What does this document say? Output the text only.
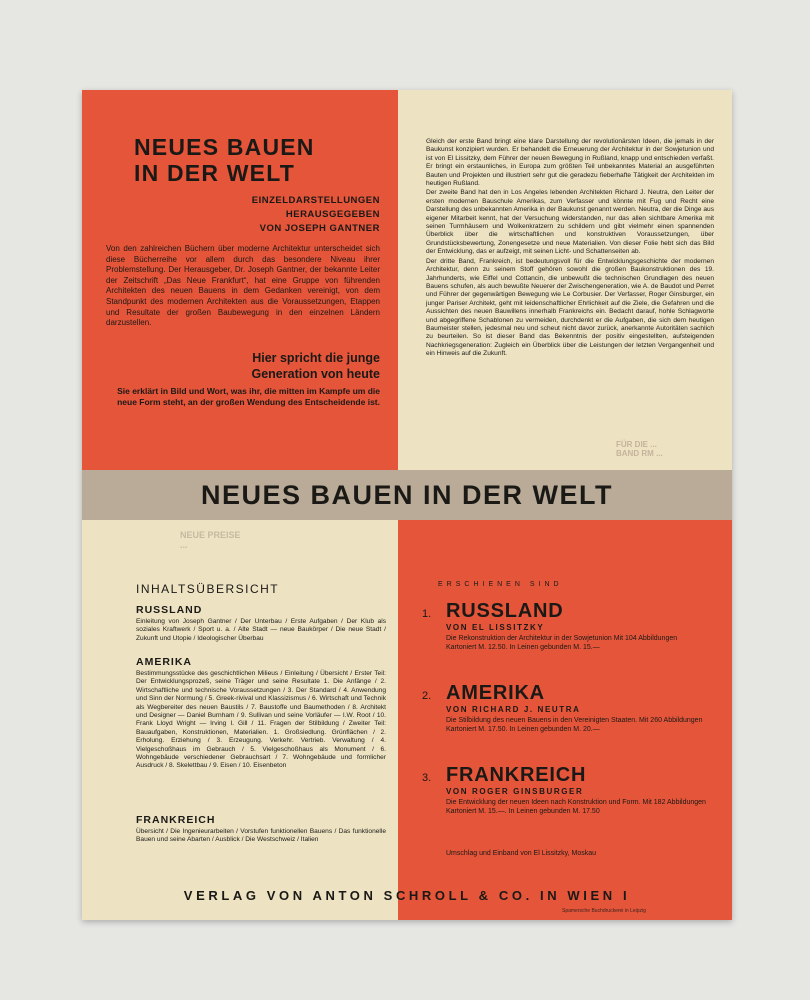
NEUES BAUEN
IN DER WELT
EINZELDARSTELLUNGEN
HERAUSGEGEBEN
VON JOSEPH GANTNER
Von den zahlreichen Büchern über moderne Architektur unterscheidet sich diese Bücherreihe vor allem durch das besondere Niveau ihrer Problemstellung. Der Herausgeber, Dr. Joseph Gantner, der bekannte Leiter der Zeitschrift „Das Neue Frankfurt“, hat eine Gruppe von führenden Architekten des neuen Bauens in dem Gedanken vereinigt, von dem Standpunkt des modernen Architekten aus die Voraussetzungen, Etappen und Resultate der großen Baubewegung in den einzelnen Ländern darzustellen.
Hier spricht die junge
Generation von heute
Sie erklärt in Bild und Wort, was ihr, die mitten im Kampfe um die neue Form steht, an der großen Wendung des Entscheidende ist.

Gleich der erste Band bringt eine klare Darstellung der revolutionärsten Ideen, die jemals in der Baukunst konzipiert wurden. Er behandelt die Erneuerung der Architektur in der Sowjetunion und ist von El Lissitzky, dem Führer der neuen Bewegung in Rußland, knapp und entschieden verfaßt. Er bringt ein erstaunliches, in Europa zum größten Teil unbekanntes Material an ausgeführten Bauten und Projekten und illustriert sehr gut die geradezu fieberhafte Tätigkeit der Architekten im heutigen Rußland.

Der zweite Band hat den in Los Angeles lebenden Architekten Richard J. Neutra, den Leiter der ersten modernen Bauschule Amerikas, zum Verfasser und könnte mit Fug und Recht eine Darstellung des unbekannten Amerika in der Baukunst genannt werden. Neutra, der die Dinge aus eigener Mitarbeit kennt, hat der Versuchung widerstanden, nur das allen sichtbare Amerika mit seinen Turmhäusern und Wolkenkratzern zu schildern und gibt vielmehr einen spannenden Überblick über die wirtschaftlichen und konstruktiven Voraussetzungen, über Grundstücksbewertung, Zonengesetze und neue Materialien. Von dieser Folie hebt sich das Bild der Entwicklung, das er aufzeigt, mit seinen Licht- und Schattenseiten ab.

Der dritte Band, Frankreich, ist bedeutungsvoll für die Entwicklungsgeschichte der modernen Architektur, denn zu seinem Stoff gehören sowohl die großen Baukonstruktionen des 19. Jahrhunderts, wie Eiffel und Cottancin, die unbewußt die technischen Grundlagen des neuen Bauens schufen, als auch bewußte Neuerer der Zwischengeneration, wie A. de Baudot und Perret und Führer der gegenwärtigen Bewegung wie Le Corbusier. Der Verfasser, Roger Ginsburger, ein junger Pariser Architekt, geht mit leidenschaftlicher Ehrlichkeit auf die Ziele, die Gefahren und die Aussichten des neuen Bauwillens innerhalb Frankreichs ein. Bedacht darauf, hohle Schlagworte und abgegriffene Schablonen zu vermeiden, durchdenkt er die Aufgaben, die sich dem heutigen Baumeister stellen, jedesmal neu und scheut nicht davor zurück, anerkannte Autoritäten sachlich zu beurteilen. So ist dieser Band das Bekenntnis der positiv eingestellten, aufsteigenden Nachkriegsgeneration: Zugleich ein Überblick über die Leistungen der letzten Vergangenheit und ein Hinweis auf die Zukunft.

FÜR DIE ...
BAND RM ...
NEUES BAUEN IN DER WELT
NEUE PREISE
...
INHALTSÜBERSICHT
RUSSLAND
Einleitung von Joseph Gantner / Der Unterbau / Erste Aufgaben / Der Klub als soziales Kraftwerk / Sport u. a. / Alte Stadt — neue Baukörper / Die neue Stadt / Zukunft und Utopie / Ideologischer Überbau
AMERIKA
Bestimmungsstücke des geschichtlichen Milieus / Einleitung / Übersicht / Erster Teil: Der Entwicklungsprozeß, seine Träger und seine Resultate 1. Die Anfänge / 2. Wirtschaftliche und technische Voraussetzungen / 3. Der Standard / 4. Anwendung und Sinn der Normung / 5. Greek-rivival und Klassizismus / 6. Wirtschaft und Technik als Wegbereiter des neuen Baustils / 7. Baustoffe und Baumethoden / 8. Architekt und Designer — Daniel Burnham / 9. Sullivan und seine Vorläufer — I.W. Root / 10. Frank Lloyd Wright — Irving I. Gill / 11. Fragen der Stilbildung / Zweiter Teil: Bauaufgaben, Konstruktionen, Materialien. 1. Großsiedlung. Grünflächen / 2. Erholung. Erziehung / 3. Erzeugung. Verkehr. Vertrieb. Verwaltung / 4. Vielgeschoßhaus im Gebrauch / 5. Vielgeschoßhaus als Monument / 6. Wohngebäude verschiedener Gebrauchsart / 7. Wohngebäude und formlicher Ausdruck / 8. Skelettbau / 9. Eisen / 10. Eisenbeton
FRANKREICH
Übersicht / Die Ingenieurarbeiten / Vorstufen funktionellen Bauens / Das funktionelle Bauen und seine Abarten / Ausblick / Die Westschweiz / Italien
ERSCHIENEN SIND
1. RUSSLAND
VON EL LISSITZKY
Die Rekonstruktion der Architektur in der Sowjetunion Mit 104 Abbildungen Kartoniert M. 12.50. In Leinen gebunden M. 15.—
2. AMERIKA
VON RICHARD J. NEUTRA
Die Stilbildung des neuen Bauens in den Vereinigten Staaten. Mit 260 Abbildungen Kartoniert M. 17.50. In Leinen gebunden M. 20.—
3. FRANKREICH
VON ROGER GINSBURGER
Die Entwicklung der neuen Ideen nach Konstruktion und Form. Mit 182 Abbildungen Kartoniert M. 15.—. In Leinen gebunden M. 17.50
Umschlag und Einband von El Lissitzky, Moskau
VERLAG VON ANTON SCHROLL & CO. IN WIEN I
Spamersche Buchdruckerei in Leipzig
